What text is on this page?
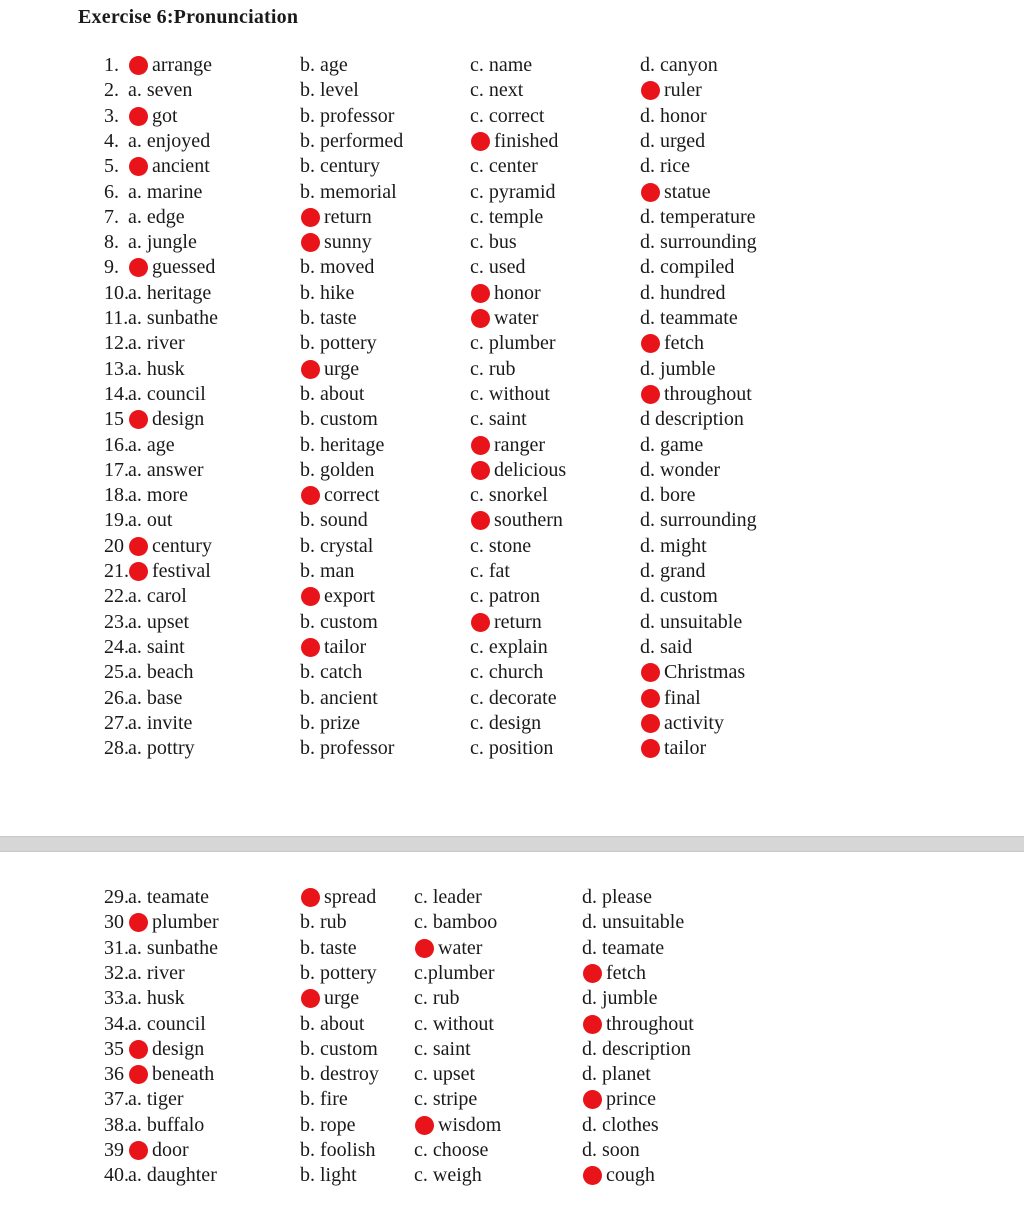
Exercise 6:Pronunciation
1. arrange	b. age	c. name	d. canyon
2. a. seven	b. level	c. next	ruler
3. got	b. professor	c. correct	d. honor
4. a. enjoyed	b. performed	finished	d. urged
5. ancient	b. century	c. center	d. rice
6. a. marine	b. memorial	c. pyramid	statue
7. a. edge	return	c. temple	d. temperature
8. a. jungle	sunny	c. bus	d. surrounding
9. guessed	b. moved	c. used	d. compiled
10. a. heritage	b. hike	honor	d. hundred
11. a. sunbathe	b. taste	water	d. teammate
12. a. river	b. pottery	c. plumber	fetch
13. a. husk	urge	c. rub	d. jumble
14. a. council	b. about	c. without	throughout
15 design	b. custom	c. saint	d description
16. a. age	b. heritage	ranger	d. game
17. a. answer	b. golden	delicious	d. wonder
18. a. more	correct	c. snorkel	d. bore
19. a. out	b. sound	southern	d. surrounding
20 century	b. crystal	c. stone	d. might
21. festival	b. man	c. fat	d. grand
22. a. carol	export	c. patron	d. custom
23. a. upset	b. custom	return	d. unsuitable
24. a. saint	tailor	c. explain	d. said
25. a. beach	b. catch	c. church	Christmas
26. a. base	b. ancient	c. decorate	final
27. a. invite	b. prize	c. design	activity
28. a. pottry	b. professor	c. position	tailor
29. a. teamate	spread c. leader	d. please
30 plumber	b. rub	c. bamboo	d. unsuitable
31. a. sunbathe	b. taste	water	d. teamate
32. a. river	b. pottery c.plumber	fetch
33. a. husk	urge	c. rub	d. jumble
34. a. council	b. about c. without	throughout
35 design	b. custom c. saint	d. description
36 beneath	b. destroy c. upset	d. planet
37. a. tiger	b. fire	c. stripe	prince
38. a. buffalo	b. rope	wisdom	d. clothes
39 door	b. foolish c. choose	d. soon
40. a. daughter	b. light	c. weigh	cough
